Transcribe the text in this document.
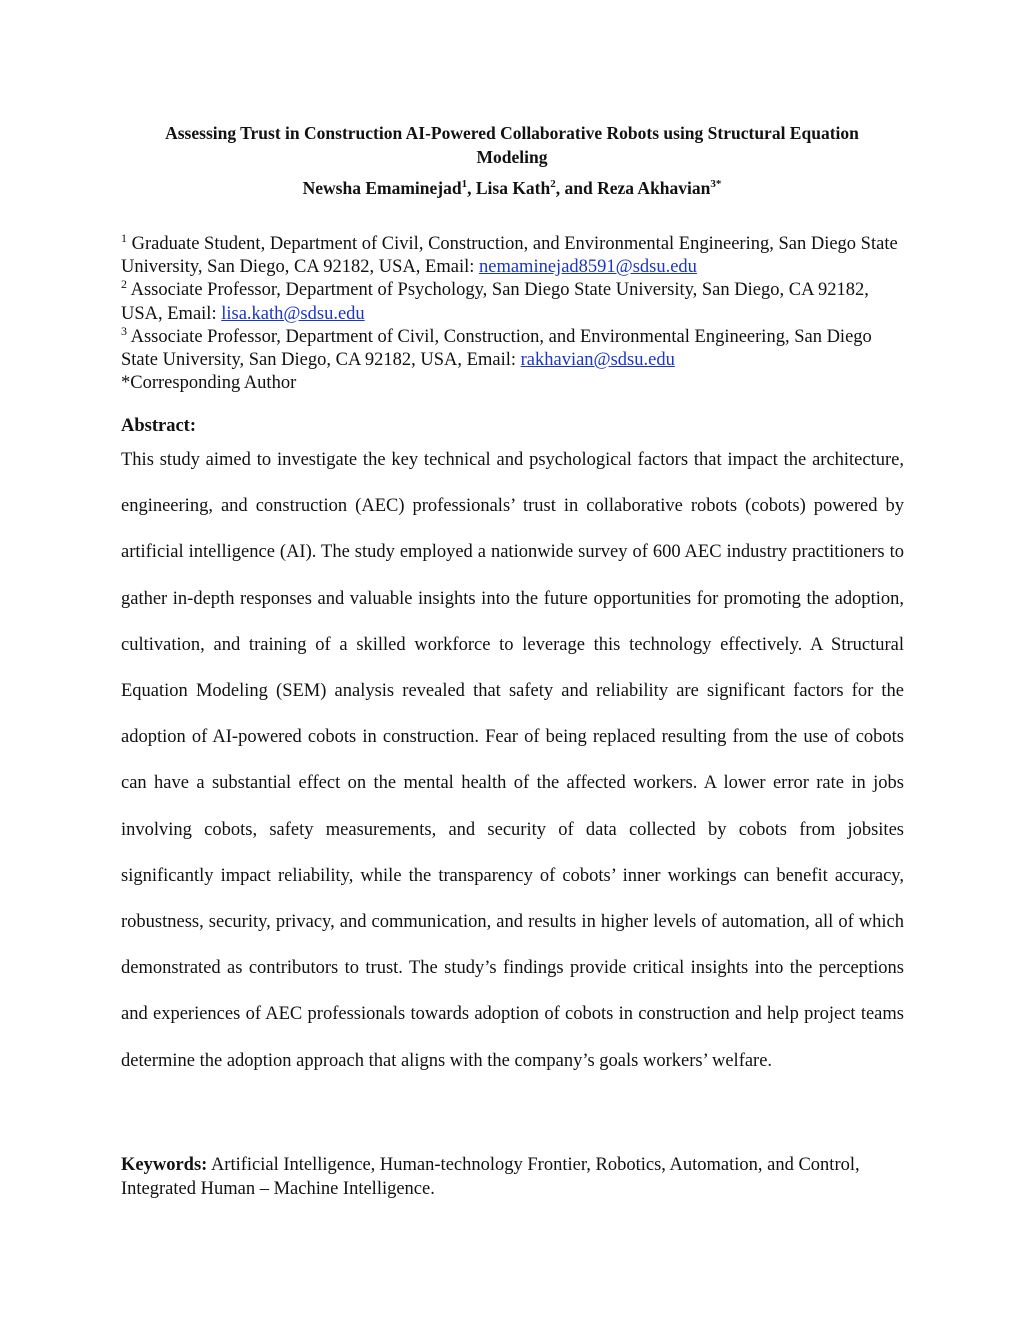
Assessing Trust in Construction AI-Powered Collaborative Robots using Structural Equation Modeling
Newsha Emaminejad$^1$, Lisa Kath$^2$, and Reza Akhavian$^{3*}$
$^1$ Graduate Student, Department of Civil, Construction, and Environmental Engineering, San Diego State University, San Diego, CA 92182, USA, Email: nemaminejad8591@sdsu.edu
$^2$ Associate Professor, Department of Psychology, San Diego State University, San Diego, CA 92182, USA, Email: lisa.kath@sdsu.edu
$^3$ Associate Professor, Department of Civil, Construction, and Environmental Engineering, San Diego State University, San Diego, CA 92182, USA, Email: rakhavian@sdsu.edu
*Corresponding Author
Abstract:
This study aimed to investigate the key technical and psychological factors that impact the architecture, engineering, and construction (AEC) professionals’ trust in collaborative robots (cobots) powered by artificial intelligence (AI). The study employed a nationwide survey of 600 AEC industry practitioners to gather in-depth responses and valuable insights into the future opportunities for promoting the adoption, cultivation, and training of a skilled workforce to leverage this technology effectively. A Structural Equation Modeling (SEM) analysis revealed that safety and reliability are significant factors for the adoption of AI-powered cobots in construction. Fear of being replaced resulting from the use of cobots can have a substantial effect on the mental health of the affected workers. A lower error rate in jobs involving cobots, safety measurements, and security of data collected by cobots from jobsites significantly impact reliability, while the transparency of cobots’ inner workings can benefit accuracy, robustness, security, privacy, and communication, and results in higher levels of automation, all of which demonstrated as contributors to trust. The study’s findings provide critical insights into the perceptions and experiences of AEC professionals towards adoption of cobots in construction and help project teams determine the adoption approach that aligns with the company’s goals workers’ welfare.
Keywords: Artificial Intelligence, Human-technology Frontier, Robotics, Automation, and Control, Integrated Human – Machine Intelligence.
